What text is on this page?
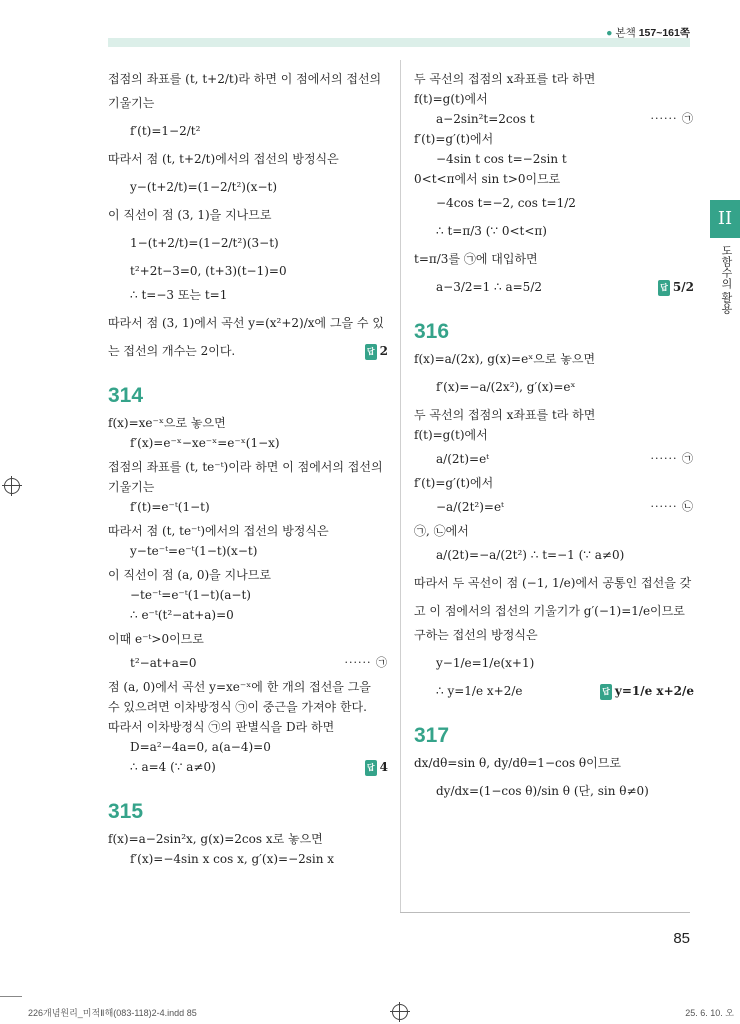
● 본책 157~161쪽
II
도함수의 활용

접점의 좌표를 (t, t+2/t)라 하면 이 점에서의 접선의

기울기는

f′(t)=1−2/t²

따라서 점 (t, t+2/t)에서의 접선의 방정식은

y−(t+2/t)=(1−2/t²)(x−t)

이 직선이 점 (3, 1)을 지나므로

1−(t+2/t)=(1−2/t²)(3−t)

t²+2t−3=0, (t+3)(t−1)=0

∴ t=−3 또는 t=1

따라서 점 (3, 1)에서 곡선 y=(x²+2)/x에 그을 수 있

는 접선의 개수는 2이다.	답 2

314

f(x)=xe⁻ˣ으로 놓으면

f′(x)=e⁻ˣ−xe⁻ˣ=e⁻ˣ(1−x)

접점의 좌표를 (t, te⁻ᵗ)이라 하면 이 점에서의 접선의

기울기는

f′(t)=e⁻ᵗ(1−t)

따라서 점 (t, te⁻ᵗ)에서의 접선의 방정식은

y−te⁻ᵗ=e⁻ᵗ(1−t)(x−t)

이 직선이 점 (a, 0)을 지나므로

−te⁻ᵗ=e⁻ᵗ(1−t)(a−t)

∴ e⁻ᵗ(t²−at+a)=0

이때 e⁻ᵗ>0이므로

t²−at+a=0	······ ㉠

점 (a, 0)에서 곡선 y=xe⁻ˣ에 한 개의 접선을 그을

수 있으려면 이차방정식 ㉠이 중근을 가져야 한다.

따라서 이차방정식 ㉠의 판별식을 D라 하면

D=a²−4a=0, a(a−4)=0

∴ a=4 (∵ a≠0)	답 4

315

f(x)=a−2sin²x, g(x)=2cos x로 놓으면

f′(x)=−4sin x cos x, g′(x)=−2sin x

두 곡선의 접점의 x좌표를 t라 하면

f(t)=g(t)에서

a−2sin²t=2cos t	······ ㉠

f′(t)=g′(t)에서

−4sin t cos t=−2sin t

0<t<π에서 sin t>0이므로

−4cos t=−2, cos t=1/2

∴ t=π/3 (∵ 0<t<π)

t=π/3를 ㉠에 대입하면

a−3/2=1 ∴ a=5/2	답 5/2

316

f(x)=a/(2x), g(x)=eˣ으로 놓으면

f′(x)=−a/(2x²), g′(x)=eˣ

두 곡선의 접점의 x좌표를 t라 하면

f(t)=g(t)에서

a/(2t)=eᵗ	······ ㉠

f′(t)=g′(t)에서

−a/(2t²)=eᵗ	······ ㉡

㉠, ㉡에서

a/(2t)=−a/(2t²) ∴ t=−1 (∵ a≠0)

따라서 두 곡선이 점 (−1, 1/e)에서 공통인 접선을 갖

고 이 점에서의 접선의 기울기가 g′(−1)=1/e이므로

구하는 접선의 방정식은

y−1/e=1/e(x+1)

∴ y=1/e x+2/e	답 y=1/e x+2/e

317

dx/dθ=sin θ, dy/dθ=1−cos θ이므로

dy/dx=(1−cos θ)/sin θ (단, sin θ≠0)

85
226개념원리_미적Ⅱ해(083-118)2-4.indd 85	25. 6. 10. 오
